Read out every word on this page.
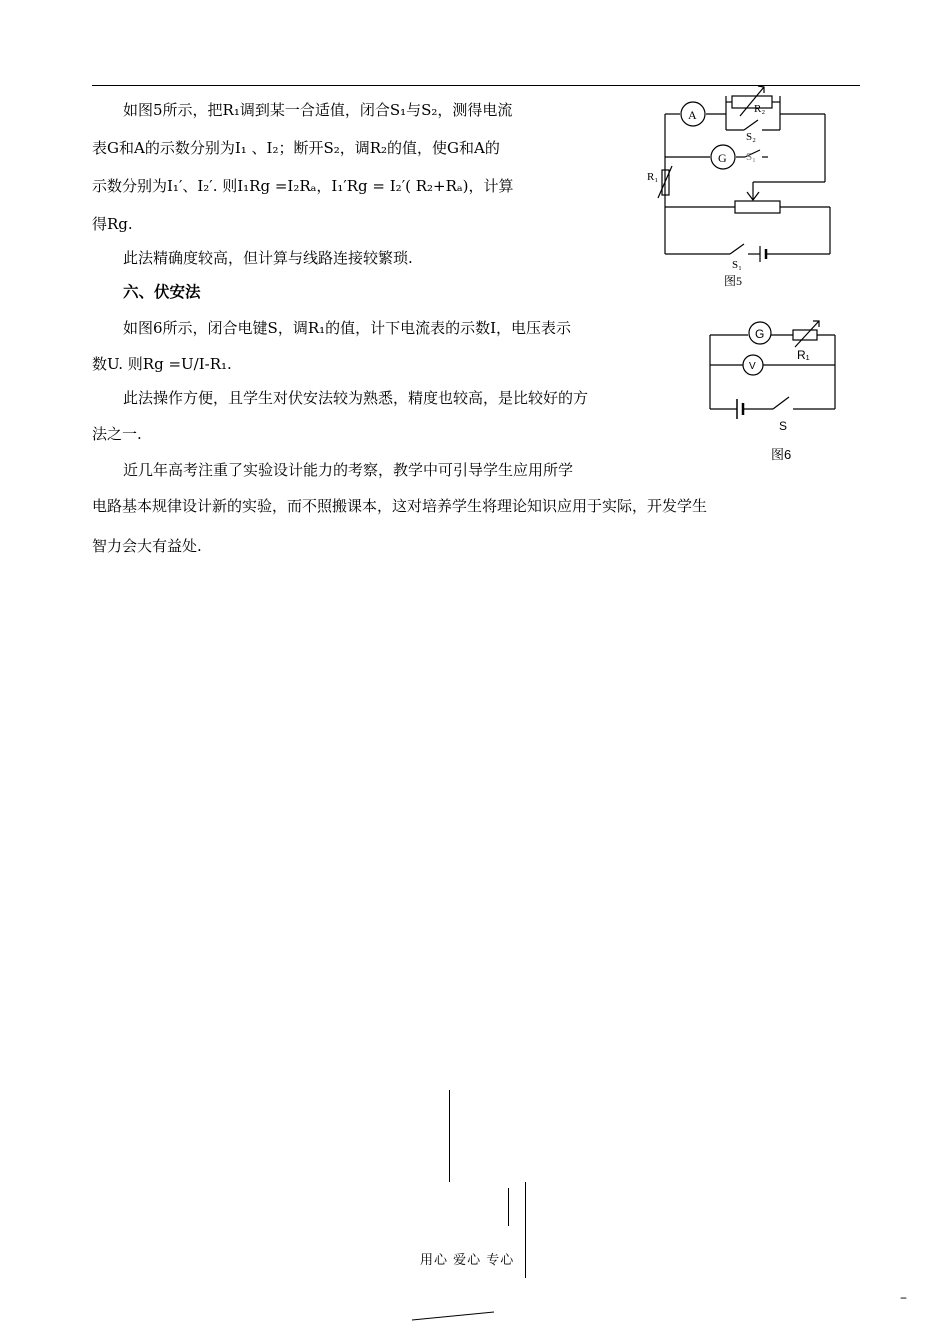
如图5所示，把R₁调到某一合适值，闭合S₁与S₂，测得电流
表G和A的示数分别为I₁ 、I₂；断开S₂，调R₂的值，使G和A的
示数分别为I₁′、I₂′. 则I₁Rg =I₂Rₐ，I₁′Rg = I₂′( R₂+Rₐ)，计算
得Rg.
此法精确度较高，但计算与线路连接较繁琐.
六、伏安法
如图6所示，闭合电键S，调R₁的值，计下电流表的示数I，电压表示
数U. 则Rg =U/I-R₁.
此法操作方便，且学生对伏安法较为熟悉，精度也较高，是比较好的方
法之一.
近几年高考注重了实验设计能力的考察，教学中可引导学生应用所学
电路基本规律设计新的实验，而不照搬课本，这对培养学生将理论知识应用于实际，开发学生
智力会大有益处.
A
G
R₂
S₂
S₁
R₁
S₁
图5
G
V
R₁
S
图6
用心 爱心 专心
–
